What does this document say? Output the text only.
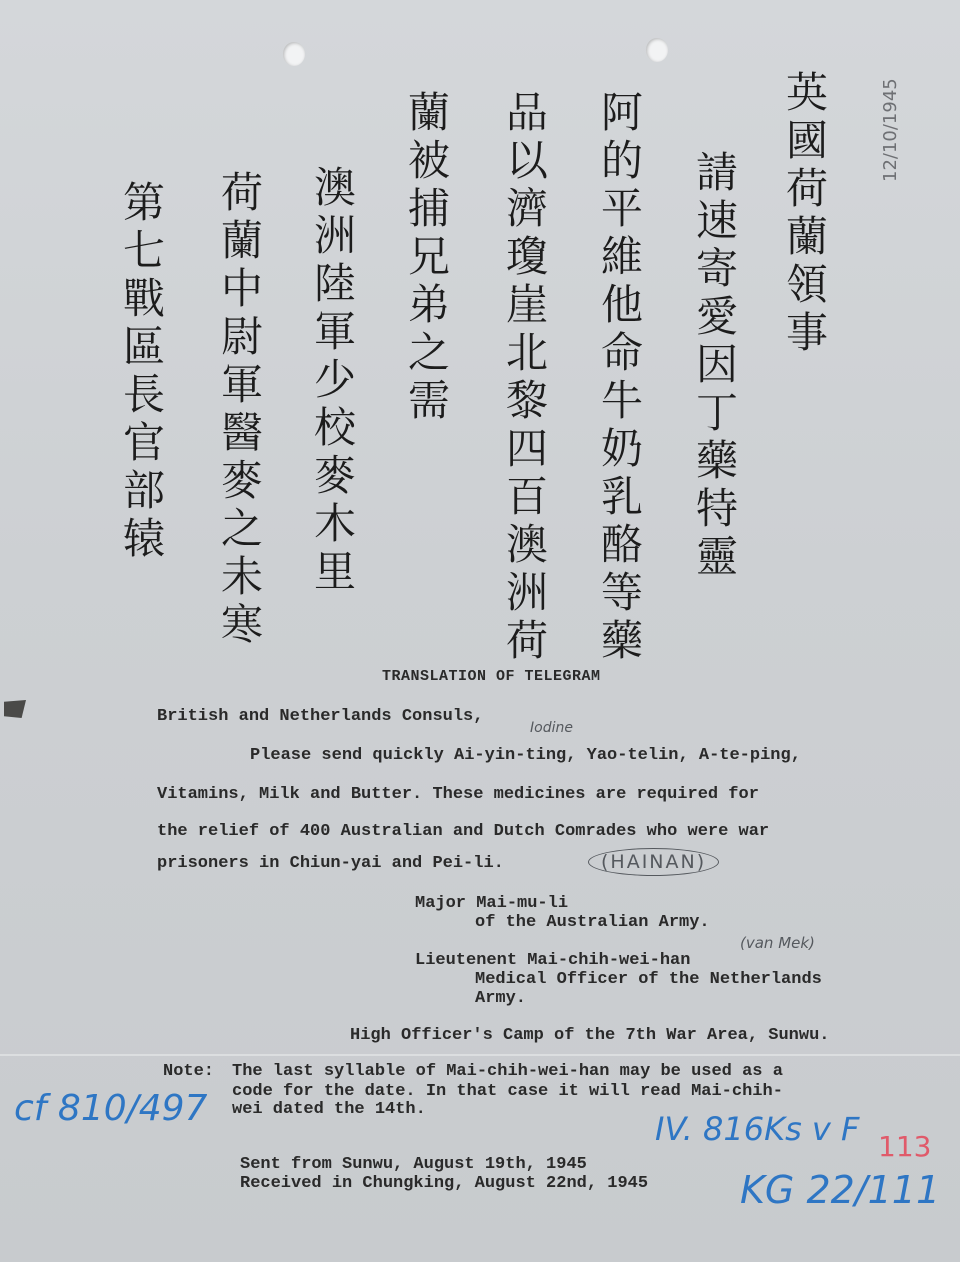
英國荷蘭領事
請速寄愛因丁藥特靈
阿的平維他命牛奶乳酪等藥
品以濟瓊崖北黎四百澳洲荷
蘭被捕兄弟之需
澳洲陸軍少校麥木里
荷蘭中尉軍醫麥之未寒
第七戰區長官部辕
12/10/1945
TRANSLATION OF TELEGRAM
British and Netherlands Consuls,
Iodine
Please send quickly Ai-yin-ting, Yao-telin, A-te-ping,
Vitamins, Milk and Butter. These medicines are required for
the relief of 400 Australian and Dutch Comrades who were war
prisoners in Chiun-yai and Pei-li.	(HAINAN)
Major Mai-mu-li
of the Australian Army.
Lieutenent Mai-chih-wei-han
(van Mek)
Medical Officer of the Netherlands
Army.
High Officer's Camp of the 7th War Area, Sunwu.
Note: The last syllable of Mai-chih-wei-han may be used as a
code for the date. In that case it will read Mai-chih-
wei dated the 14th.
Sent from Sunwu, August 19th, 1945
Received in Chungking, August 22nd, 1945
cf 810/497	IV. 816Ks v F
KG 22/111
113
